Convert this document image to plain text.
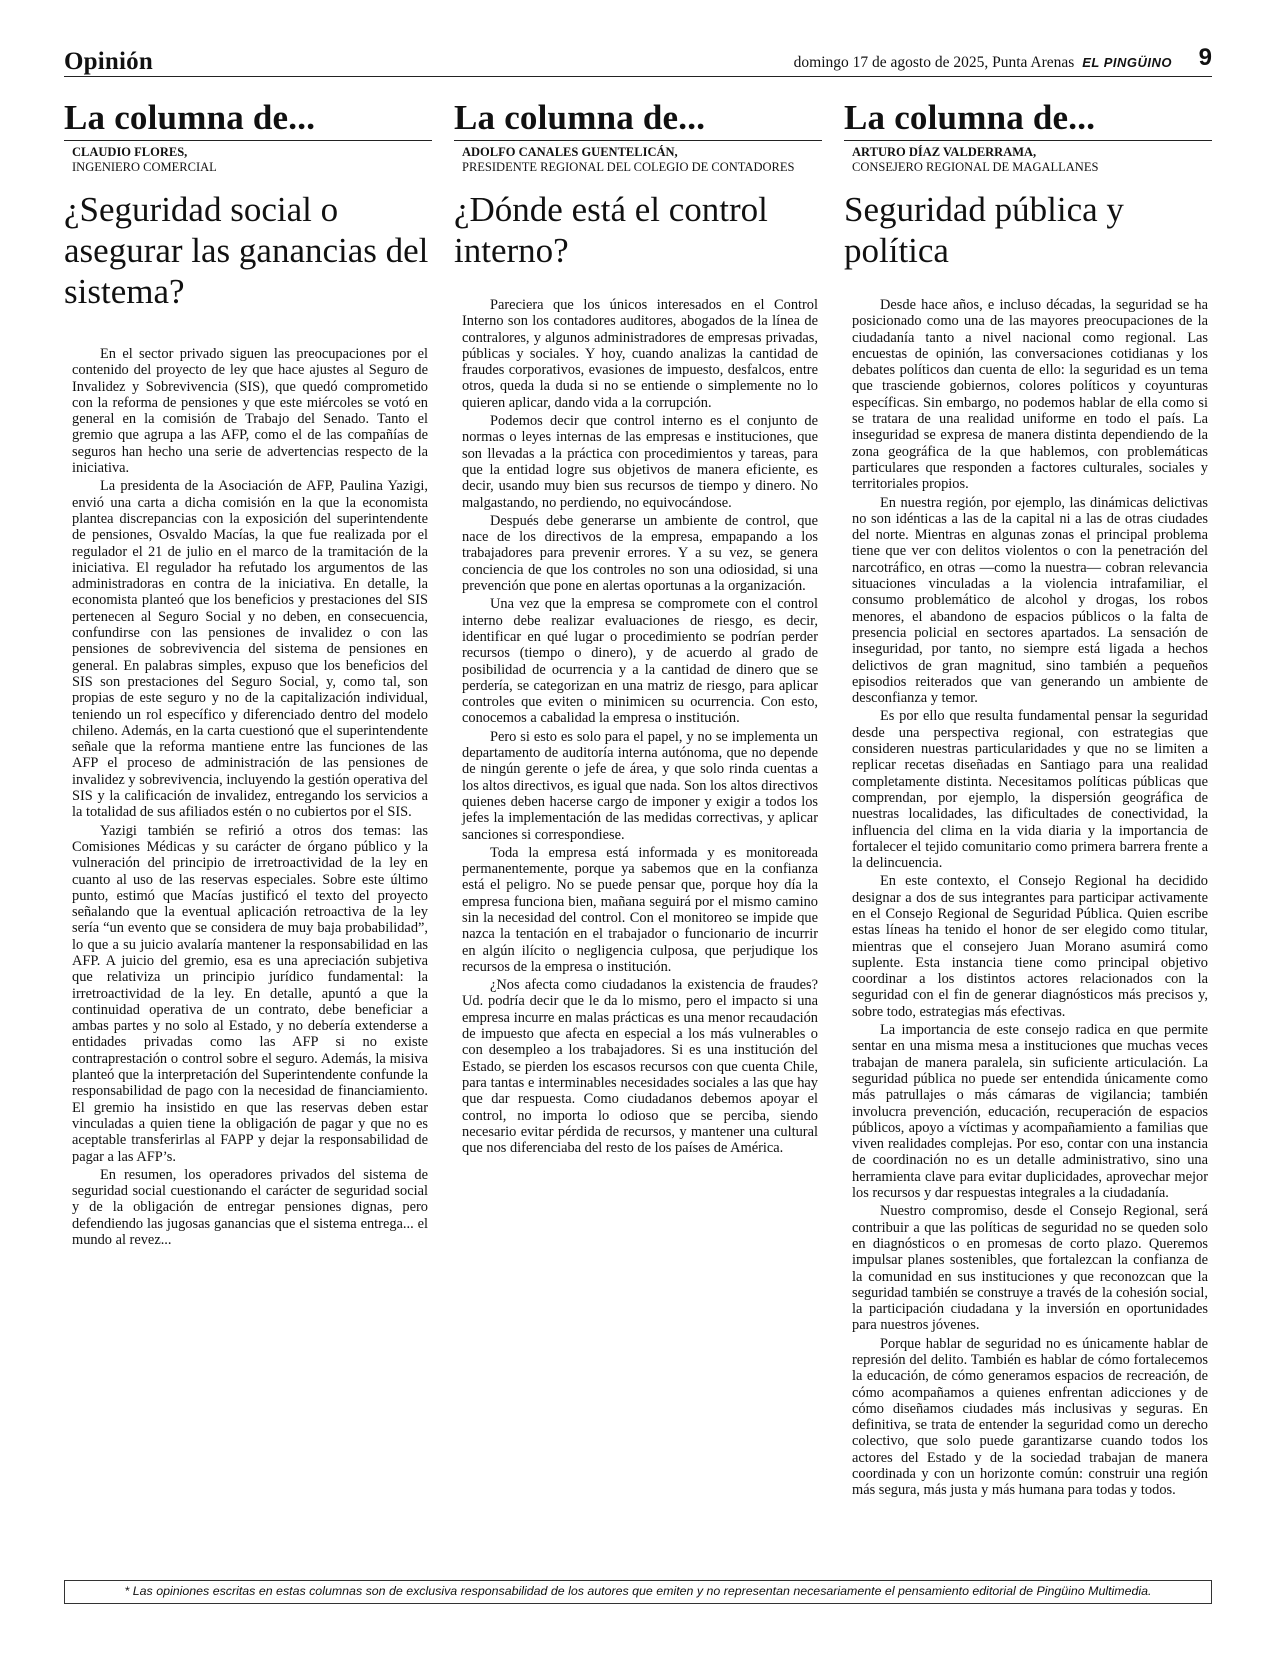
Opinión	domingo 17 de agosto de 2025, Punta Arenas EL PINGÜINO 9
La columna de...
CLAUDIO FLORES,
INGENIERO COMERCIAL
¿Seguridad social o asegurar las ganancias del sistema?

En el sector privado siguen las preocupaciones por el contenido del proyecto de ley que hace ajustes al Seguro de Invalidez y Sobrevivencia (SIS), que quedó comprometido con la reforma de pensiones y que este miércoles se votó en general en la comisión de Trabajo del Senado. Tanto el gremio que agrupa a las AFP, como el de las compañías de seguros han hecho una serie de advertencias respecto de la iniciativa.

La presidenta de la Asociación de AFP, Paulina Yazigi, envió una carta a dicha comisión en la que la economista plantea discrepancias con la exposición del superintendente de pensiones, Osvaldo Macías, la que fue realizada por el regulador el 21 de julio en el marco de la tramitación de la iniciativa. El regulador ha refutado los argumentos de las administradoras en contra de la iniciativa. En detalle, la economista planteó que los beneficios y prestaciones del SIS pertenecen al Seguro Social y no deben, en consecuencia, confundirse con las pensiones de invalidez o con las pensiones de sobrevivencia del sistema de pensiones en general. En palabras simples, expuso que los beneficios del SIS son prestaciones del Seguro Social, y, como tal, son propias de este seguro y no de la capitalización individual, teniendo un rol específico y diferenciado dentro del modelo chileno. Además, en la carta cuestionó que el superintendente señale que la reforma mantiene entre las funciones de las AFP el proceso de administración de las pensiones de invalidez y sobrevivencia, incluyendo la gestión operativa del SIS y la calificación de invalidez, entregando los servicios a la totalidad de sus afiliados estén o no cubiertos por el SIS.

Yazigi también se refirió a otros dos temas: las Comisiones Médicas y su carácter de órgano público y la vulneración del principio de irretroactividad de la ley en cuanto al uso de las reservas especiales. Sobre este último punto, estimó que Macías justificó el texto del proyecto señalando que la eventual aplicación retroactiva de la ley sería “un evento que se considera de muy baja probabilidad”, lo que a su juicio avalaría mantener la responsabilidad en las AFP. A juicio del gremio, esa es una apreciación subjetiva que relativiza un principio jurídico fundamental: la irretroactividad de la ley. En detalle, apuntó a que la continuidad operativa de un contrato, debe beneficiar a ambas partes y no solo al Estado, y no debería extenderse a entidades privadas como las AFP si no existe contraprestación o control sobre el seguro. Además, la misiva planteó que la interpretación del Superintendente confunde la responsabilidad de pago con la necesidad de financiamiento. El gremio ha insistido en que las reservas deben estar vinculadas a quien tiene la obligación de pagar y que no es aceptable transferirlas al FAPP y dejar la responsabilidad de pagar a las AFP’s.

En resumen, los operadores privados del sistema de seguridad social cuestionando el carácter de seguridad social y de la obligación de entregar pensiones dignas, pero defendiendo las jugosas ganancias que el sistema entrega... el mundo al revez...

La columna de...
ADOLFO CANALES GUENTELICÁN,
PRESIDENTE REGIONAL DEL COLEGIO DE CONTADORES
¿Dónde está el control interno?

Pareciera que los únicos interesados en el Control Interno son los contadores auditores, abogados de la línea de contralores, y algunos administradores de empresas privadas, públicas y sociales. Y hoy, cuando analizas la cantidad de fraudes corporativos, evasiones de impuesto, desfalcos, entre otros, queda la duda si no se entiende o simplemente no lo quieren aplicar, dando vida a la corrupción.

Podemos decir que control interno es el conjunto de normas o leyes internas de las empresas e instituciones, que son llevadas a la práctica con procedimientos y tareas, para que la entidad logre sus objetivos de manera eficiente, es decir, usando muy bien sus recursos de tiempo y dinero. No malgastando, no perdiendo, no equivocándose.

Después debe generarse un ambiente de control, que nace de los directivos de la empresa, empapando a los trabajadores para prevenir errores. Y a su vez, se genera conciencia de que los controles no son una odiosidad, si una prevención que pone en alertas oportunas a la organización.

Una vez que la empresa se compromete con el control interno debe realizar evaluaciones de riesgo, es decir, identificar en qué lugar o procedimiento se podrían perder recursos (tiempo o dinero), y de acuerdo al grado de posibilidad de ocurrencia y a la cantidad de dinero que se perdería, se categorizan en una matriz de riesgo, para aplicar controles que eviten o minimicen su ocurrencia. Con esto, conocemos a cabalidad la empresa o institución.

Pero si esto es solo para el papel, y no se implementa un departamento de auditoría interna autónoma, que no depende de ningún gerente o jefe de área, y que solo rinda cuentas a los altos directivos, es igual que nada. Son los altos directivos quienes deben hacerse cargo de imponer y exigir a todos los jefes la implementación de las medidas correctivas, y aplicar sanciones si correspondiese.

Toda la empresa está informada y es monitoreada permanentemente, porque ya sabemos que en la confianza está el peligro. No se puede pensar que, porque hoy día la empresa funciona bien, mañana seguirá por el mismo camino sin la necesidad del control. Con el monitoreo se impide que nazca la tentación en el trabajador o funcionario de incurrir en algún ilícito o negligencia culposa, que perjudique los recursos de la empresa o institución.

¿Nos afecta como ciudadanos la existencia de fraudes? Ud. podría decir que le da lo mismo, pero el impacto si una empresa incurre en malas prácticas es una menor recaudación de impuesto que afecta en especial a los más vulnerables o con desempleo a los trabajadores. Si es una institución del Estado, se pierden los escasos recursos con que cuenta Chile, para tantas e interminables necesidades sociales a las que hay que dar respuesta. Como ciudadanos debemos apoyar el control, no importa lo odioso que se perciba, siendo necesario evitar pérdida de recursos, y mantener una cultural que nos diferenciaba del resto de los países de América.

La columna de...
ARTURO DÍAZ VALDERRAMA,
CONSEJERO REGIONAL DE MAGALLANES
Seguridad pública y política

Desde hace años, e incluso décadas, la seguridad se ha posicionado como una de las mayores preocupaciones de la ciudadanía tanto a nivel nacional como regional. Las encuestas de opinión, las conversaciones cotidianas y los debates políticos dan cuenta de ello: la seguridad es un tema que trasciende gobiernos, colores políticos y coyunturas específicas. Sin embargo, no podemos hablar de ella como si se tratara de una realidad uniforme en todo el país. La inseguridad se expresa de manera distinta dependiendo de la zona geográfica de la que hablemos, con problemáticas particulares que responden a factores culturales, sociales y territoriales propios.

En nuestra región, por ejemplo, las dinámicas delictivas no son idénticas a las de la capital ni a las de otras ciudades del norte. Mientras en algunas zonas el principal problema tiene que ver con delitos violentos o con la penetración del narcotráfico, en otras —como la nuestra— cobran relevancia situaciones vinculadas a la violencia intrafamiliar, el consumo problemático de alcohol y drogas, los robos menores, el abandono de espacios públicos o la falta de presencia policial en sectores apartados. La sensación de inseguridad, por tanto, no siempre está ligada a hechos delictivos de gran magnitud, sino también a pequeños episodios reiterados que van generando un ambiente de desconfianza y temor.

Es por ello que resulta fundamental pensar la seguridad desde una perspectiva regional, con estrategias que consideren nuestras particularidades y que no se limiten a replicar recetas diseñadas en Santiago para una realidad completamente distinta. Necesitamos políticas públicas que comprendan, por ejemplo, la dispersión geográfica de nuestras localidades, las dificultades de conectividad, la influencia del clima en la vida diaria y la importancia de fortalecer el tejido comunitario como primera barrera frente a la delincuencia.

En este contexto, el Consejo Regional ha decidido designar a dos de sus integrantes para participar activamente en el Consejo Regional de Seguridad Pública. Quien escribe estas líneas ha tenido el honor de ser elegido como titular, mientras que el consejero Juan Morano asumirá como suplente. Esta instancia tiene como principal objetivo coordinar a los distintos actores relacionados con la seguridad con el fin de generar diagnósticos más precisos y, sobre todo, estrategias más efectivas.

La importancia de este consejo radica en que permite sentar en una misma mesa a instituciones que muchas veces trabajan de manera paralela, sin suficiente articulación. La seguridad pública no puede ser entendida únicamente como más patrullajes o más cámaras de vigilancia; también involucra prevención, educación, recuperación de espacios públicos, apoyo a víctimas y acompañamiento a familias que viven realidades complejas. Por eso, contar con una instancia de coordinación no es un detalle administrativo, sino una herramienta clave para evitar duplicidades, aprovechar mejor los recursos y dar respuestas integrales a la ciudadanía.

Nuestro compromiso, desde el Consejo Regional, será contribuir a que las políticas de seguridad no se queden solo en diagnósticos o en promesas de corto plazo. Queremos impulsar planes sostenibles, que fortalezcan la confianza de la comunidad en sus instituciones y que reconozcan que la seguridad también se construye a través de la cohesión social, la participación ciudadana y la inversión en oportunidades para nuestros jóvenes.

Porque hablar de seguridad no es únicamente hablar de represión del delito. También es hablar de cómo fortalecemos la educación, de cómo generamos espacios de recreación, de cómo acompañamos a quienes enfrentan adicciones y de cómo diseñamos ciudades más inclusivas y seguras. En definitiva, se trata de entender la seguridad como un derecho colectivo, que solo puede garantizarse cuando todos los actores del Estado y de la sociedad trabajan de manera coordinada y con un horizonte común: construir una región más segura, más justa y más humana para todas y todos.

* Las opiniones escritas en estas columnas son de exclusiva responsabilidad de los autores que emiten y no representan necesariamente el pensamiento editorial de Pingüino Multimedia.
